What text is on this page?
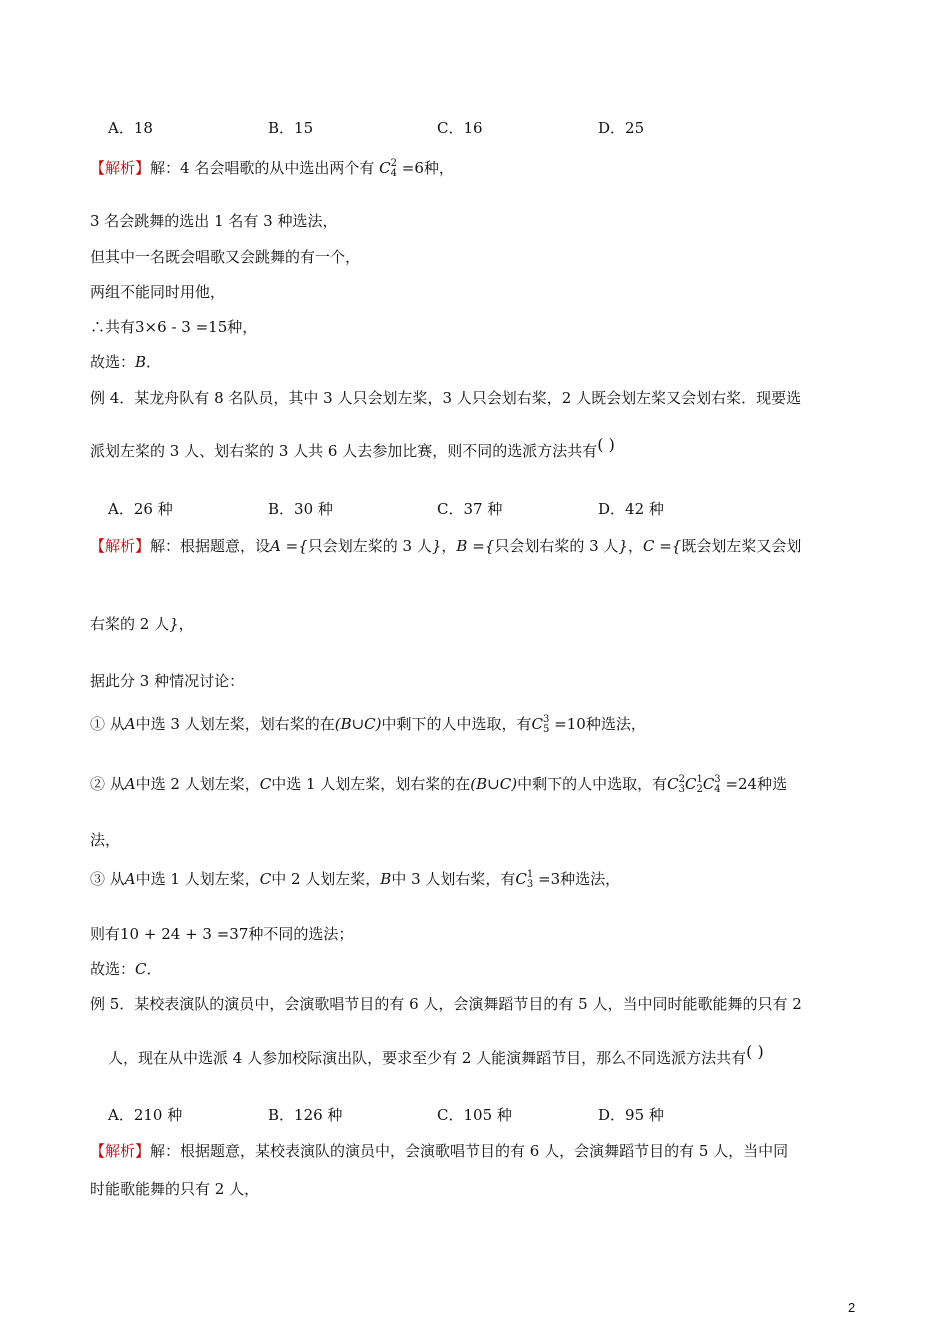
A．18	B．15	C．16	D．25
【解析】解：4 名会唱歌的从中选出两个有 C2
4 =6种，
3 名会跳舞的选出 1 名有 3 种选法，
但其中一名既会唱歌又会跳舞的有一个，
两组不能同时用他，
∴共有3×6 - 3 =15种，
故选：B．
例 4．某龙舟队有 8 名队员，其中 3 人只会划左桨，3 人只会划右桨，2 人既会划左桨又会划右桨．现要选
派划左桨的 3 人、划右桨的 3 人共 6 人去参加比赛，则不同的选派方法共有( )
A．26 种	B．30 种	C．37 种	D．42 种
【解析】解：根据题意，设A ={只会划左桨的 3 人}，B ={只会划右桨的 3 人}，C ={既会划左桨又会划
右桨的 2 人}，
据此分 3 种情况讨论：
① 从A中选 3 人划左桨，划右桨的在(B∪C)中剩下的人中选取，有C3
5 =10种选法，
② 从A中选 2 人划左桨，C中选 1 人划左桨，划右桨的在(B∪C)中剩下的人中选取，有C2
3C1
2C3
4 =24种选
法，
③ 从A中选 1 人划左桨，C中 2 人划左桨，B中 3 人划右桨，有C1
3 =3种选法，
则有10 + 24 + 3 =37种不同的选法；
故选：C．
例 5．某校表演队的演员中，会演歌唱节目的有 6 人，会演舞蹈节目的有 5 人，当中同时能歌能舞的只有 2
人，现在从中选派 4 人参加校际演出队，要求至少有 2 人能演舞蹈节目，那么不同选派方法共有( )
A．210 种	B．126 种	C．105 种	D．95 种
【解析】解：根据题意，某校表演队的演员中，会演歌唱节目的有 6 人，会演舞蹈节目的有 5 人，当中同
时能歌能舞的只有 2 人，
2
